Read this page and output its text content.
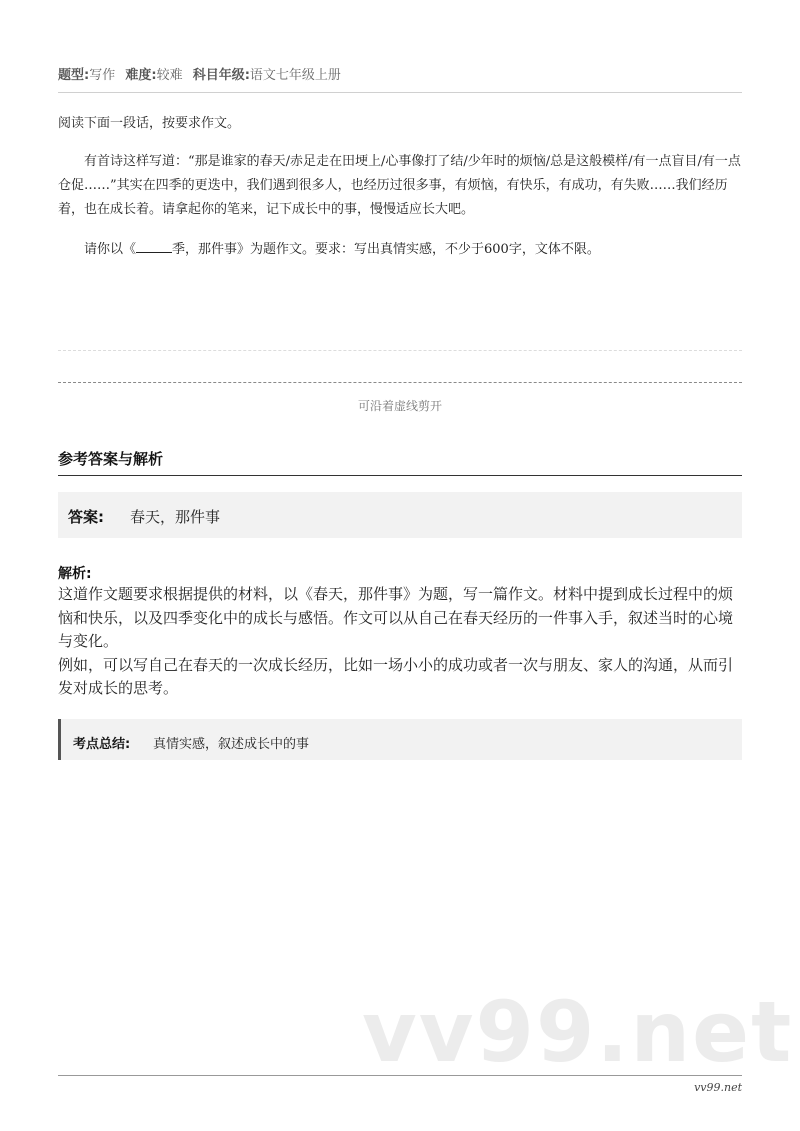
题型:写作 难度:较难 科目年级:语文七年级上册
阅读下面一段话，按要求作文。
有首诗这样写道：“那是谁家的春天/赤足走在田埂上/心事像打了结/少年时的烦恼/总是这般模样/有一点盲目/有一点仓促……”其实在四季的更迭中，我们遇到很多人，也经历过很多事，有烦恼，有快乐，有成功，有失败……我们经历着，也在成长着。请拿起你的笔来，记下成长中的事，慢慢适应长大吧。
请你以《	季，那件事》为题作文。要求：写出真情实感，不少于600字，文体不限。
可沿着虚线剪开
参考答案与解析
答案: 春天，那件事
解析:

这道作文题要求根据提供的材料，以《春天，那件事》为题，写一篇作文。材料中提到成长过程中的烦恼和快乐，以及四季变化中的成长与感悟。作文可以从自己在春天经历的一件事入手，叙述当时的心境与变化。

例如，可以写自己在春天的一次成长经历，比如一场小小的成功或者一次与朋友、家人的沟通，从而引发对成长的思考。

考点总结: 真情实感，叙述成长中的事
vv99.net
vv99.net
